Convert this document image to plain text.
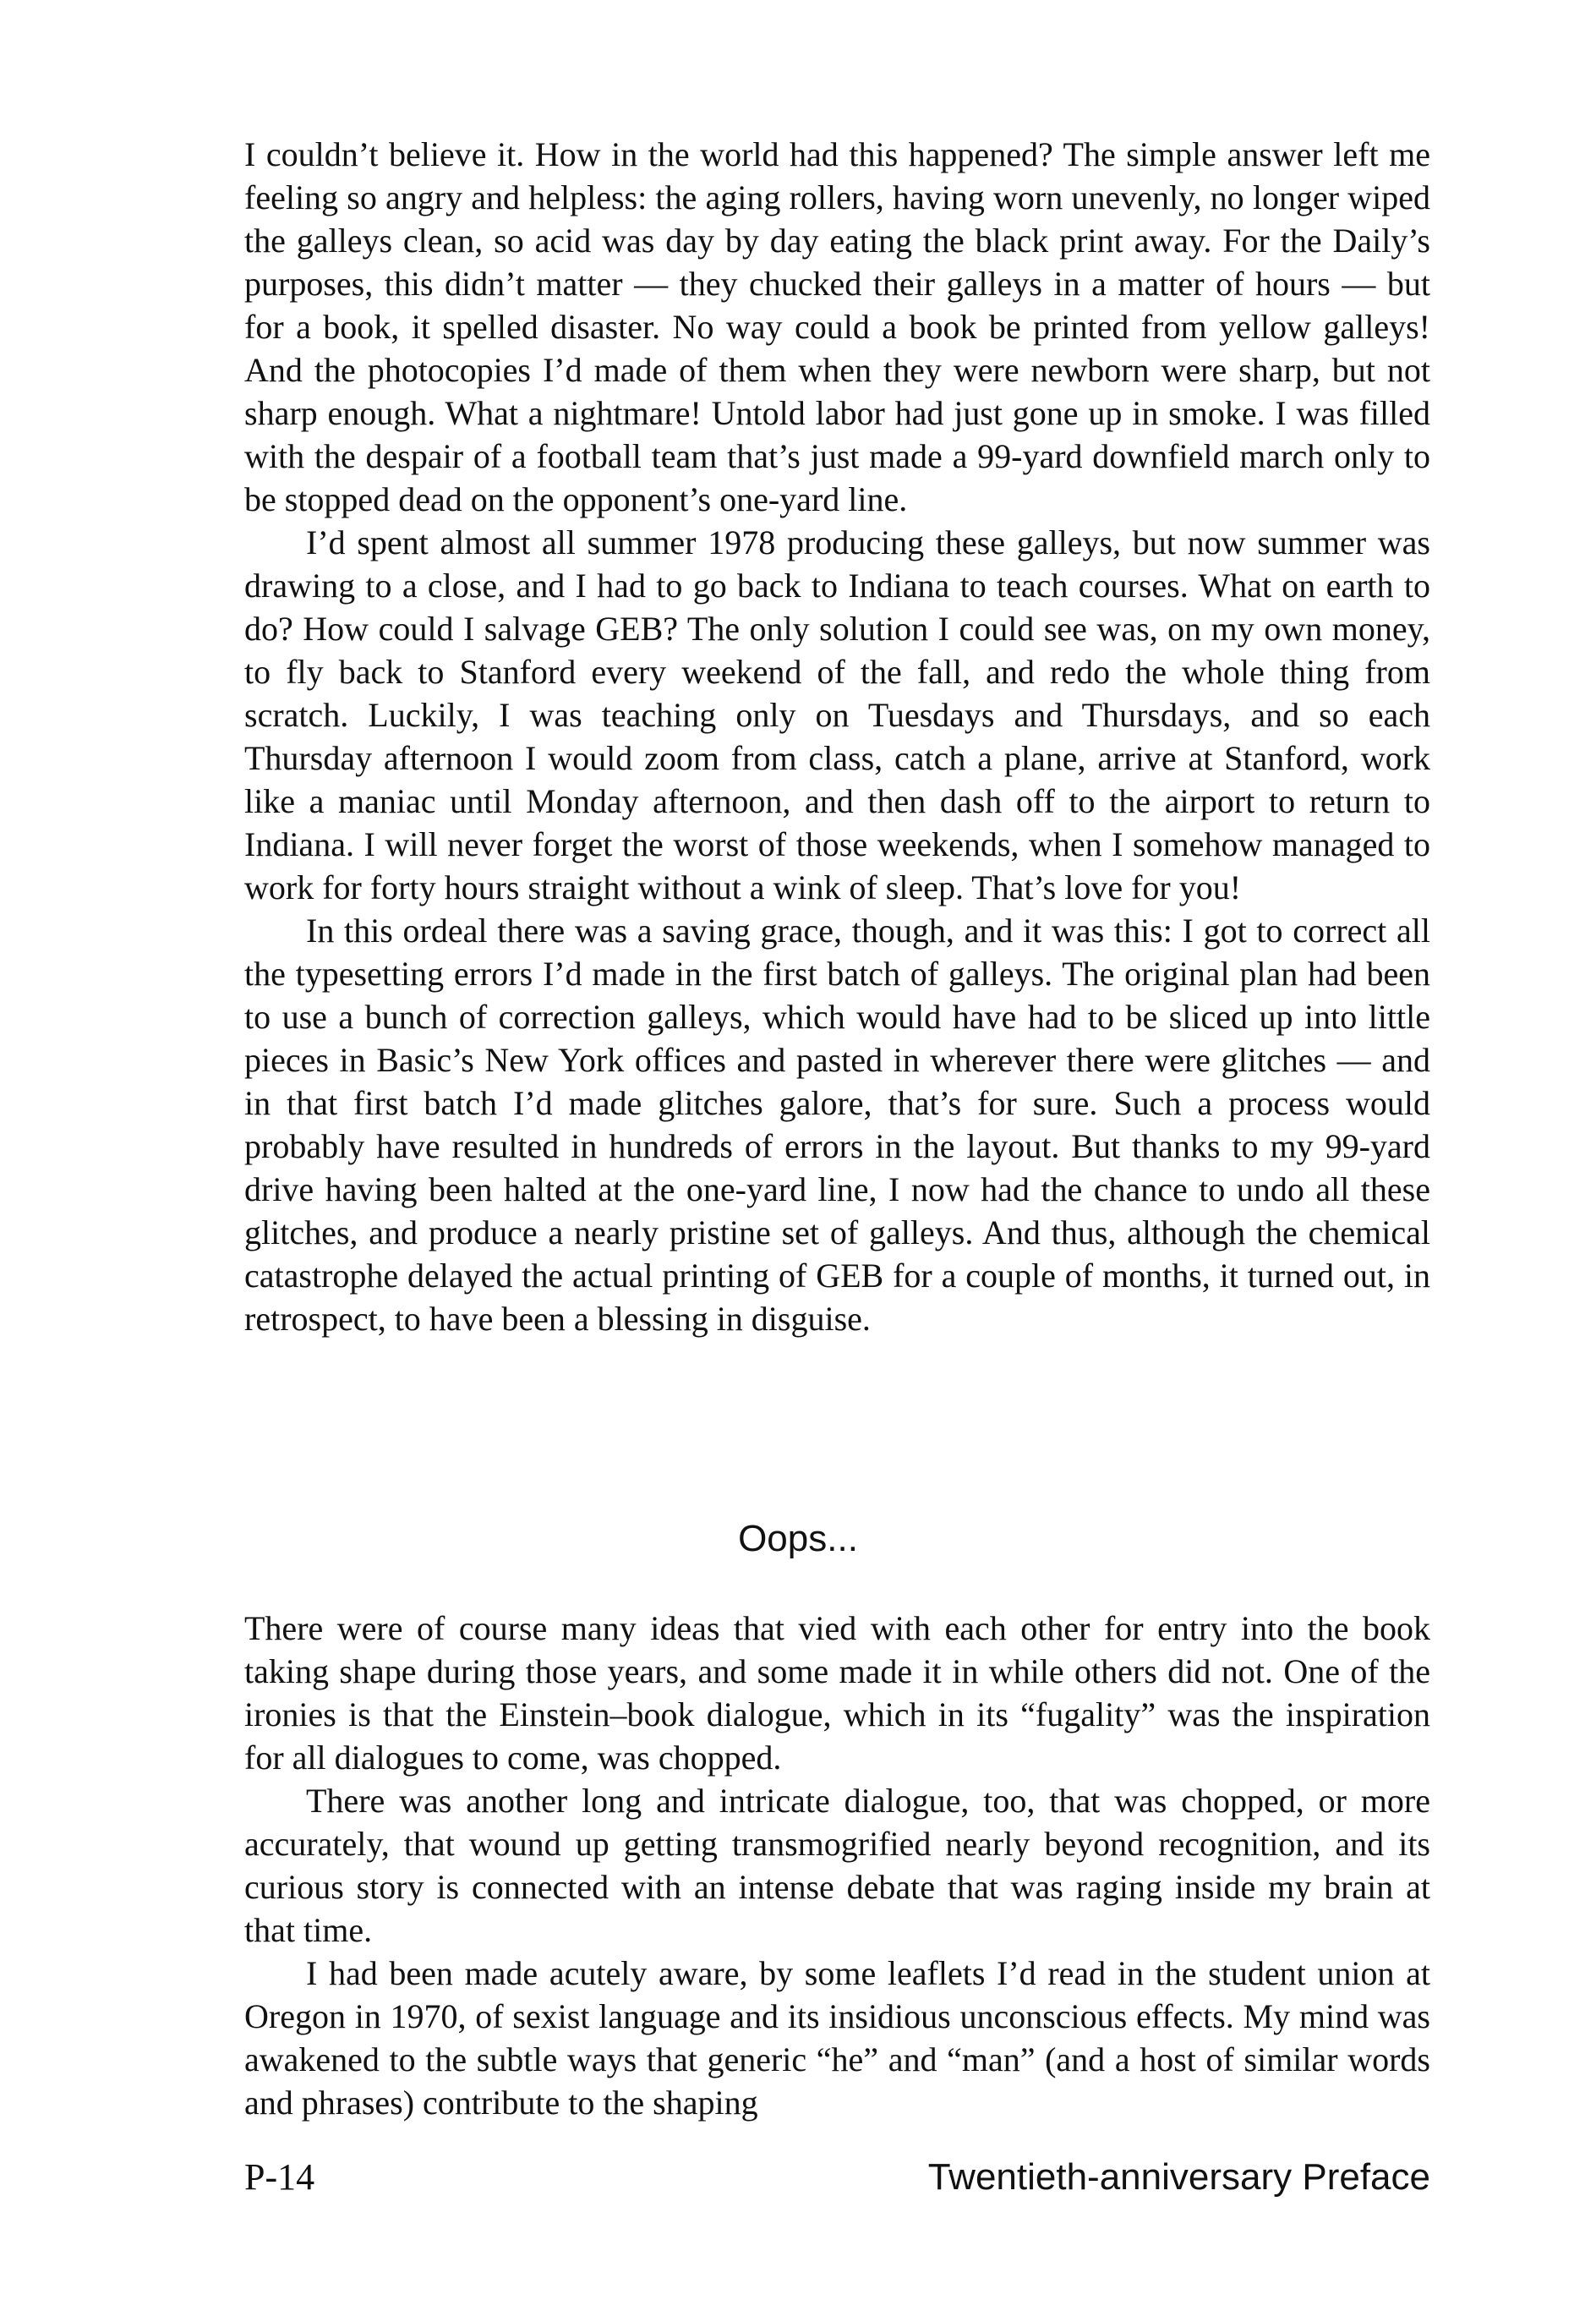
I couldn’t believe it. How in the world had this happened? The simple answer left me feeling so angry and helpless: the aging rollers, having worn unevenly, no longer wiped the galleys clean, so acid was day by day eating the black print away. For the Daily’s purposes, this didn’t matter — they chucked their galleys in a matter of hours — but for a book, it spelled disaster. No way could a book be printed from yellow galleys! And the photocopies I’d made of them when they were newborn were sharp, but not sharp enough. What a nightmare! Untold labor had just gone up in smoke. I was filled with the despair of a football team that’s just made a 99-yard downfield march only to be stopped dead on the opponent’s one-yard line.

I’d spent almost all summer 1978 producing these galleys, but now summer was drawing to a close, and I had to go back to Indiana to teach courses. What on earth to do? How could I salvage GEB? The only solution I could see was, on my own money, to fly back to Stanford every weekend of the fall, and redo the whole thing from scratch. Luckily, I was teaching only on Tuesdays and Thursdays, and so each Thursday afternoon I would zoom from class, catch a plane, arrive at Stanford, work like a maniac until Monday afternoon, and then dash off to the airport to return to Indiana. I will never forget the worst of those weekends, when I somehow managed to work for forty hours straight without a wink of sleep. That’s love for you!

In this ordeal there was a saving grace, though, and it was this: I got to correct all the typesetting errors I’d made in the first batch of galleys. The original plan had been to use a bunch of correction galleys, which would have had to be sliced up into little pieces in Basic’s New York offices and pasted in wherever there were glitches — and in that first batch I’d made glitches galore, that’s for sure. Such a process would probably have resulted in hundreds of errors in the layout. But thanks to my 99-yard drive having been halted at the one-yard line, I now had the chance to undo all these glitches, and produce a nearly pristine set of galleys. And thus, although the chemical catastrophe delayed the actual printing of GEB for a couple of months, it turned out, in retrospect, to have been a blessing in disguise.

Oops...

There were of course many ideas that vied with each other for entry into the book taking shape during those years, and some made it in while others did not. One of the ironies is that the Einstein–book dialogue, which in its “fugality” was the inspiration for all dialogues to come, was chopped.

There was another long and intricate dialogue, too, that was chopped, or more accurately, that wound up getting transmogrified nearly beyond recognition, and its curious story is connected with an intense debate that was raging inside my brain at that time.

I had been made acutely aware, by some leaflets I’d read in the student union at Oregon in 1970, of sexist language and its insidious unconscious effects. My mind was awakened to the subtle ways that generic “he” and “man” (and a host of similar words and phrases) contribute to the shaping

P-14	Twentieth-anniversary Preface
